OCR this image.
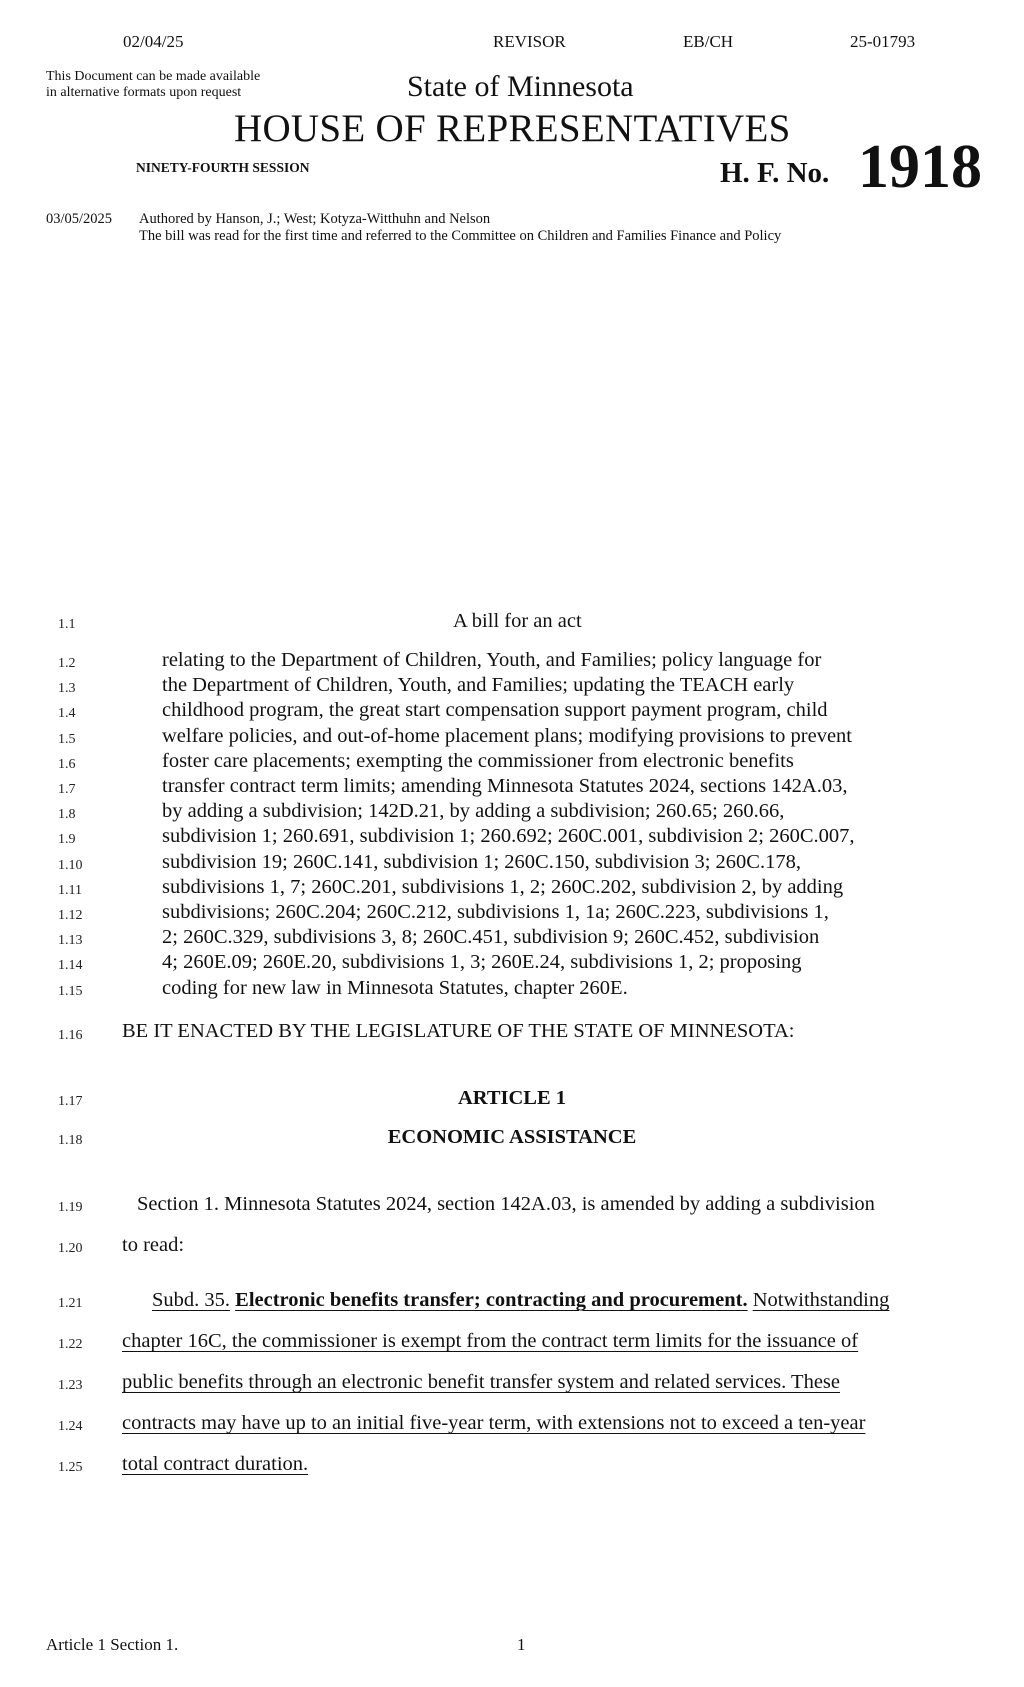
02/04/25	REVISOR	EB/CH	25-01793
This Document can be made available
in alternative formats upon request	State of Minnesota
HOUSE OF REPRESENTATIVES
NINETY-FOURTH SESSION	H. F. No. 1918
03/05/2025 Authored by Hanson, J.; West; Kotyza-Witthuhn and Nelson
The bill was read for the first time and referred to the Committee on Children and Families Finance and Policy
1.1	A bill for an act
1.2	relating to the Department of Children, Youth, and Families; policy language for
1.3	the Department of Children, Youth, and Families; updating the TEACH early
1.4	childhood program, the great start compensation support payment program, child
1.5	welfare policies, and out-of-home placement plans; modifying provisions to prevent
1.6	foster care placements; exempting the commissioner from electronic benefits
1.7	transfer contract term limits; amending Minnesota Statutes 2024, sections 142A.03,
1.8	by adding a subdivision; 142D.21, by adding a subdivision; 260.65; 260.66,
1.9	subdivision 1; 260.691, subdivision 1; 260.692; 260C.001, subdivision 2; 260C.007,
1.10	subdivision 19; 260C.141, subdivision 1; 260C.150, subdivision 3; 260C.178,
1.11	subdivisions 1, 7; 260C.201, subdivisions 1, 2; 260C.202, subdivision 2, by adding
1.12	subdivisions; 260C.204; 260C.212, subdivisions 1, 1a; 260C.223, subdivisions 1,
1.13	2; 260C.329, subdivisions 3, 8; 260C.451, subdivision 9; 260C.452, subdivision
1.14	4; 260E.09; 260E.20, subdivisions 1, 3; 260E.24, subdivisions 1, 2; proposing
1.15	coding for new law in Minnesota Statutes, chapter 260E.
1.16 BE IT ENACTED BY THE LEGISLATURE OF THE STATE OF MINNESOTA:
1.17	ARTICLE 1
1.18	ECONOMIC ASSISTANCE
1.19	Section 1. Minnesota Statutes 2024, section 142A.03, is amended by adding a subdivision
1.20 to read:
1.21	Subd. 35. Electronic benefits transfer; contracting and procurement. Notwithstanding
1.22 chapter 16C, the commissioner is exempt from the contract term limits for the issuance of
1.23 public benefits through an electronic benefit transfer system and related services. These
1.24 contracts may have up to an initial five-year term, with extensions not to exceed a ten-year
1.25 total contract duration.
Article 1 Section 1.	1
